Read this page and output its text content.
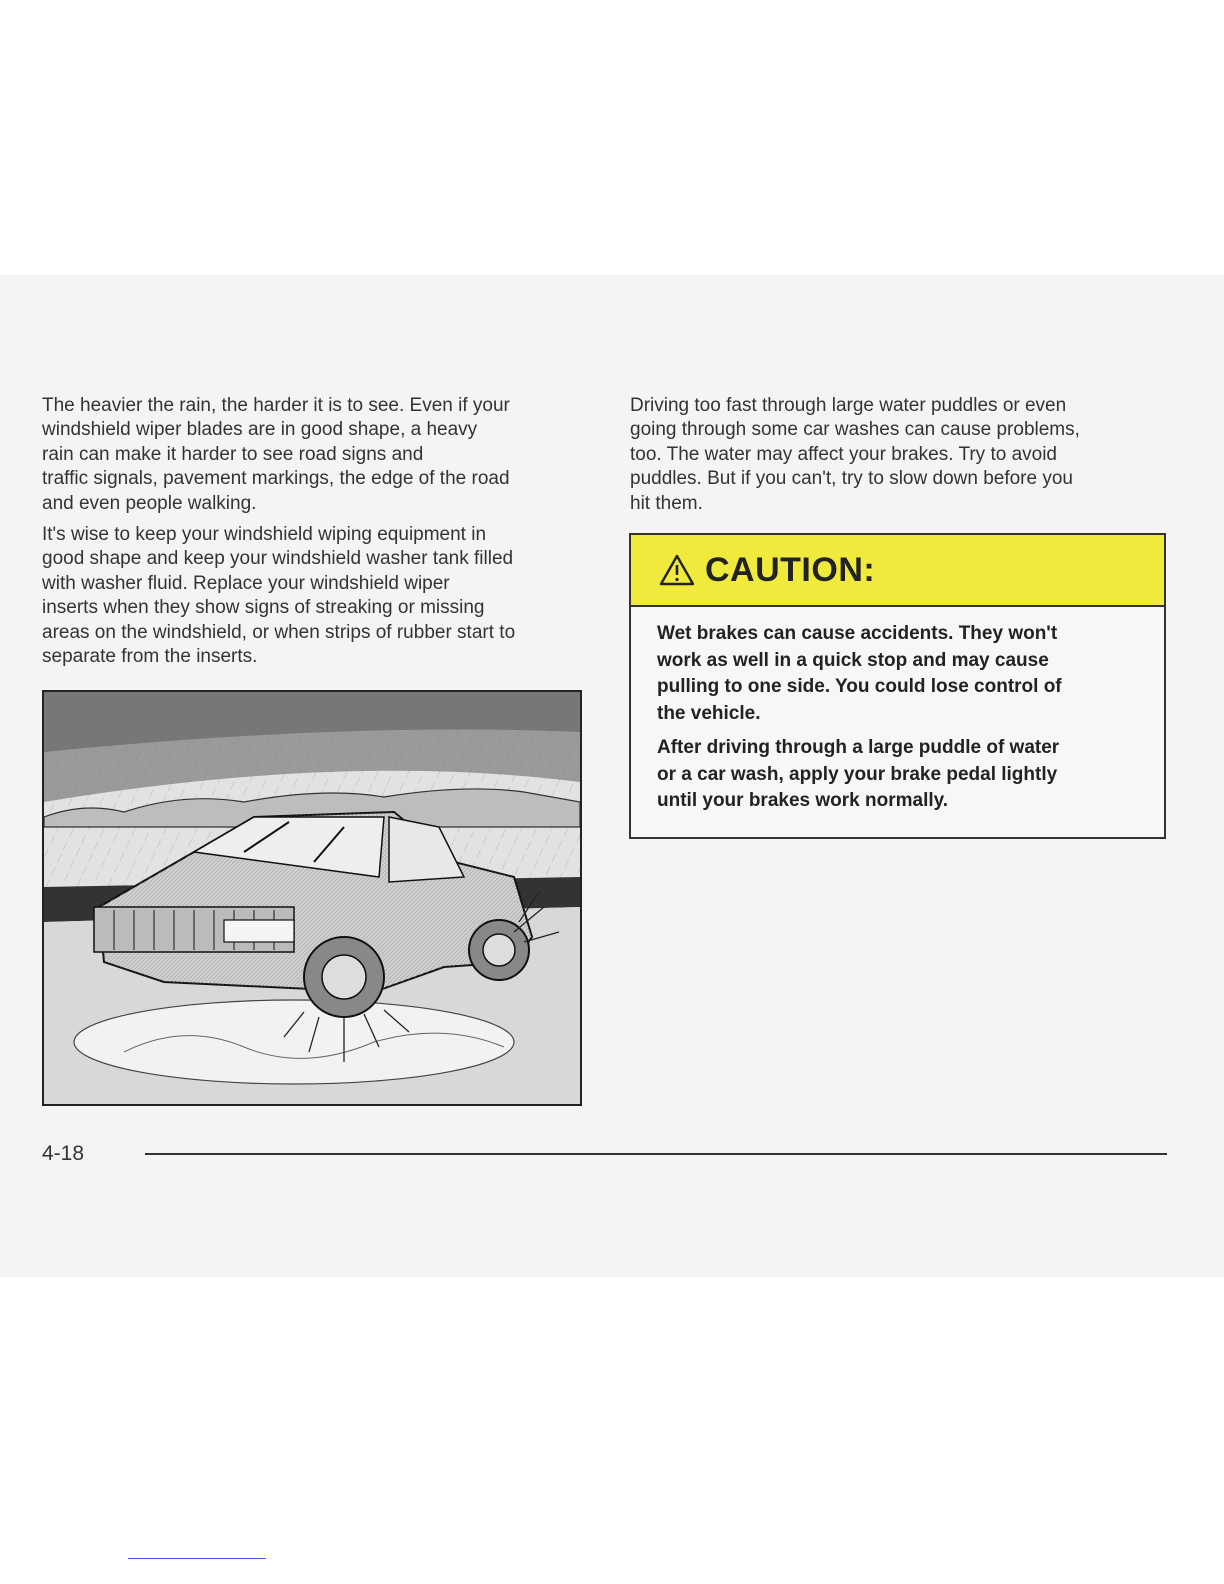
The heavier the rain, the harder it is to see. Even if your
windshield wiper blades are in good shape, a heavy
rain can make it harder to see road signs and
traffic signals, pavement markings, the edge of the road
and even people walking.

It's wise to keep your windshield wiping equipment in
good shape and keep your windshield washer tank filled
with washer fluid. Replace your windshield wiper
inserts when they show signs of streaking or missing
areas on the windshield, or when strips of rubber start to
separate from the inserts.

Driving too fast through large water puddles or even
going through some car washes can cause problems,
too. The water may affect your brakes. Try to avoid
puddles. But if you can't, try to slow down before you
hit them.

CAUTION:

Wet brakes can cause accidents. They won't
work as well in a quick stop and may cause
pulling to one side. You could lose control of
the vehicle.

After driving through a large puddle of water
or a car wash, apply your brake pedal lightly
until your brakes work normally.

4-18
